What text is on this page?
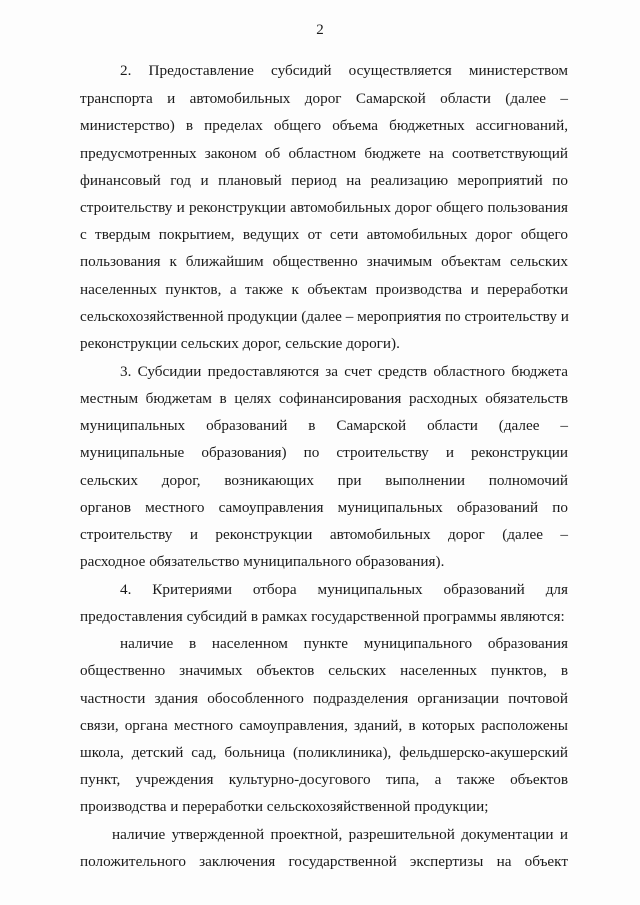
2
2. Предоставление субсидий осуществляется министерством
транспорта и автомобильных дорог Самарской области (далее –
министерство) в пределах общего объема бюджетных ассигнований,
предусмотренных законом об областном бюджете на соответствующий
финансовый год и плановый период на реализацию мероприятий по
строительству и реконструкции автомобильных дорог общего пользования
с твердым покрытием, ведущих от сети автомобильных дорог общего
пользования к ближайшим общественно значимым объектам сельских
населенных пунктов, а также к объектам производства и переработки
сельскохозяйственной продукции (далее – мероприятия по строительству и
реконструкции сельских дорог, сельские дороги).
3. Субсидии предоставляются за счет средств областного бюджета
местным бюджетам в целях софинансирования расходных обязательств
муниципальных образований в Самарской области (далее –
муниципальные образования) по строительству и реконструкции
сельских дорог, возникающих при выполнении полномочий
органов местного самоуправления муниципальных образований по
строительству и реконструкции автомобильных дорог (далее –
расходное обязательство муниципального образования).
4. Критериями отбора муниципальных образований для
предоставления субсидий в рамках государственной программы являются:
наличие в населенном пункте муниципального образования
общественно значимых объектов сельских населенных пунктов, в
частности здания обособленного подразделения организации почтовой
связи, органа местного самоуправления, зданий, в которых расположены
школа, детский сад, больница (поликлиника), фельдшерско-акушерский
пункт, учреждения культурно-досугового типа, а также объектов
производства и переработки сельскохозяйственной продукции;
наличие утвержденной проектной, разрешительной документации и
положительного заключения государственной экспертизы на объект
